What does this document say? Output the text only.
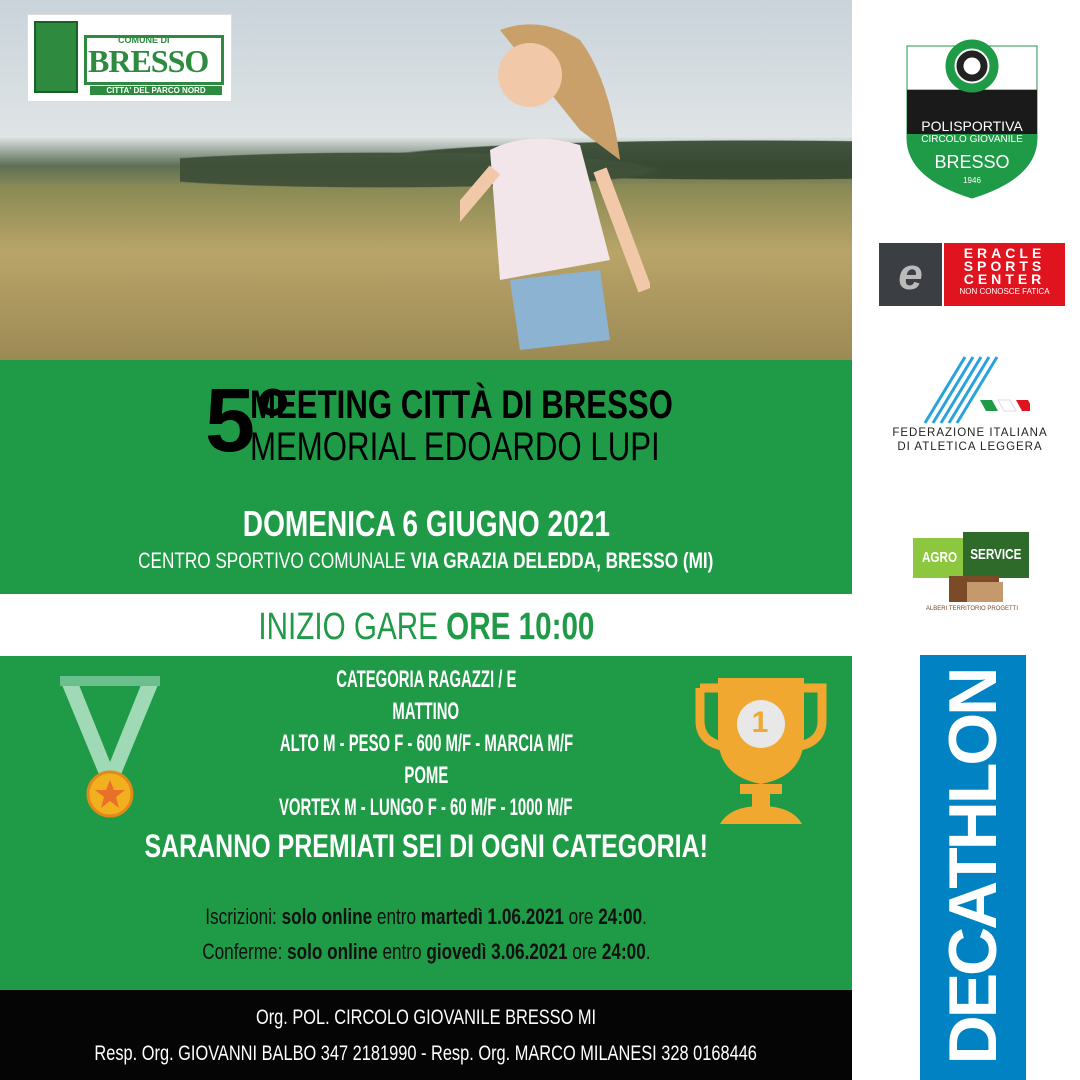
COMUNE DI
BRESSO
CITTA' DEL PARCO NORD
5°
MEETING CITTÀ DI BRESSO
MEMORIAL EDOARDO LUPI
DOMENICA 6 GIUGNO 2021
CENTRO SPORTIVO COMUNALE VIA GRAZIA DELEDDA, BRESSO (MI)
INIZIO GARE ORE 10:00
1
CATEGORIA RAGAZZI / E
MATTINO
ALTO M - PESO F - 600 M/F - MARCIA M/F
POME
VORTEX M - LUNGO F - 60 M/F - 1000 M/F
SARANNO PREMIATI SEI DI OGNI CATEGORIA!
Iscrizioni: solo online entro martedì 1.06.2021 ore 24:00.
Conferme: solo online entro giovedì 3.06.2021 ore 24:00.
Org. POL. CIRCOLO GIOVANILE BRESSO MI
Resp. Org. GIOVANNI BALBO 347 2181990 - Resp. Org. MARCO MILANESI 328 0168446
POLISPORTIVA
CIRCOLO GIOVANILE
BRESSO
1946
e	ERACLE
SPORTS
CENTER
NON CONOSCE FATICA
FEDERAZIONE ITALIANA
DI ATLETICA LEGGERA
AGRO SERVICE
ALBERI TERRITORIO PROGETTI
DECATHLON
